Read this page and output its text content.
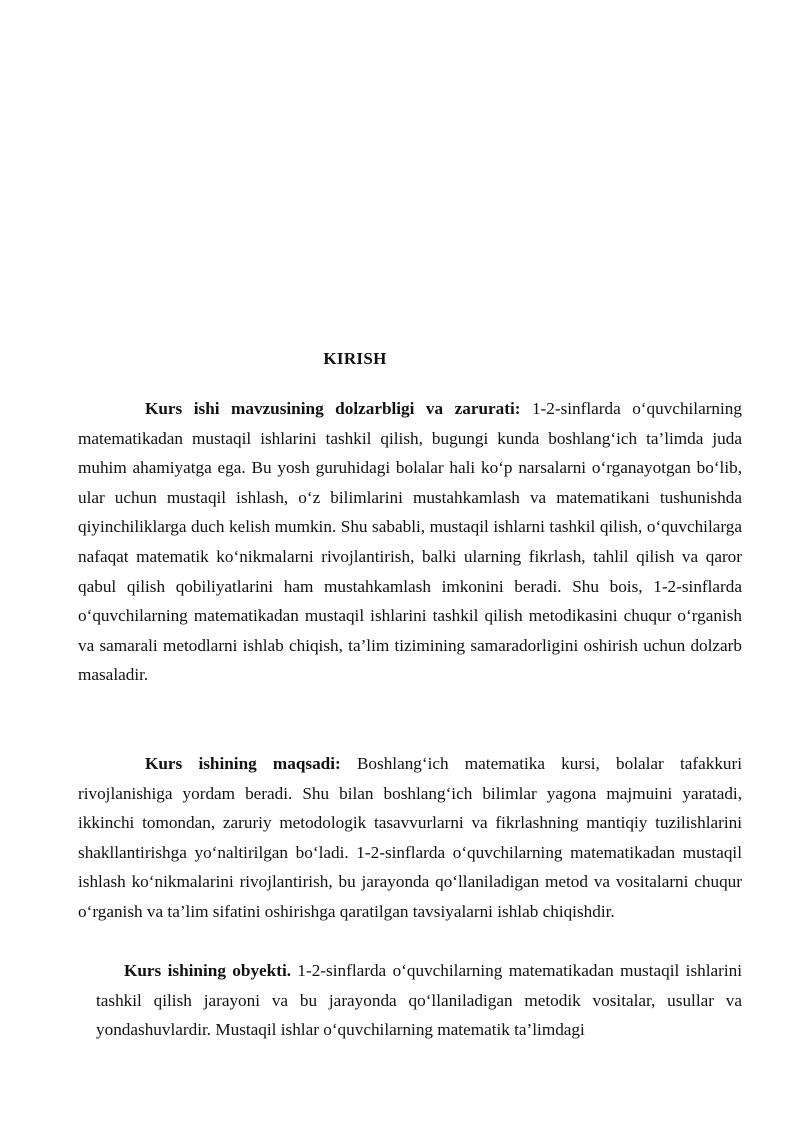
KIRISH

Kurs ishi mavzusining dolzarbligi va zarurati: 1-2-sinflarda o‘quvchilarning matematikadan mustaqil ishlarini tashkil qilish, bugungi kunda boshlang‘ich ta’limda juda muhim ahamiyatga ega. Bu yosh guruhidagi bolalar hali ko‘p narsalarni o‘rganayotgan bo‘lib, ular uchun mustaqil ishlash, o‘z bilimlarini mustahkamlash va matematikani tushunishda qiyinchiliklarga duch kelish mumkin. Shu sababli, mustaqil ishlarni tashkil qilish, o‘quvchilarga nafaqat matematik ko‘nikmalarni rivojlantirish, balki ularning fikrlash, tahlil qilish va qaror qabul qilish qobiliyatlarini ham mustahkamlash imkonini beradi. Shu bois, 1-2-sinflarda o‘quvchilarning matematikadan mustaqil ishlarini tashkil qilish metodikasini chuqur o‘rganish va samarali metodlarni ishlab chiqish, ta’lim tizimining samaradorligini oshirish uchun dolzarb masaladir.

Kurs ishining maqsadi: Boshlang‘ich matematika kursi, bolalar tafakkuri rivojlanishiga yordam beradi. Shu bilan boshlang‘ich bilimlar yagona majmuini yaratadi, ikkinchi tomondan, zaruriy metodologik tasavvurlarni va fikrlashning mantiqiy tuzilishlarini shakllantirishga yo‘naltirilgan bo‘ladi. 1-2-sinflarda o‘quvchilarning matematikadan mustaqil ishlash ko‘nikmalarini rivojlantirish, bu jarayonda qo‘llaniladigan metod va vositalarni chuqur o‘rganish va ta’lim sifatini oshirishga qaratilgan tavsiyalarni ishlab chiqishdir.

Kurs ishining obyekti. 1-2-sinflarda o‘quvchilarning matematikadan mustaqil ishlarini tashkil qilish jarayoni va bu jarayonda qo‘llaniladigan metodik vositalar, usullar va yondashuvlardir. Mustaqil ishlar o‘quvchilarning matematik ta’limdagi
